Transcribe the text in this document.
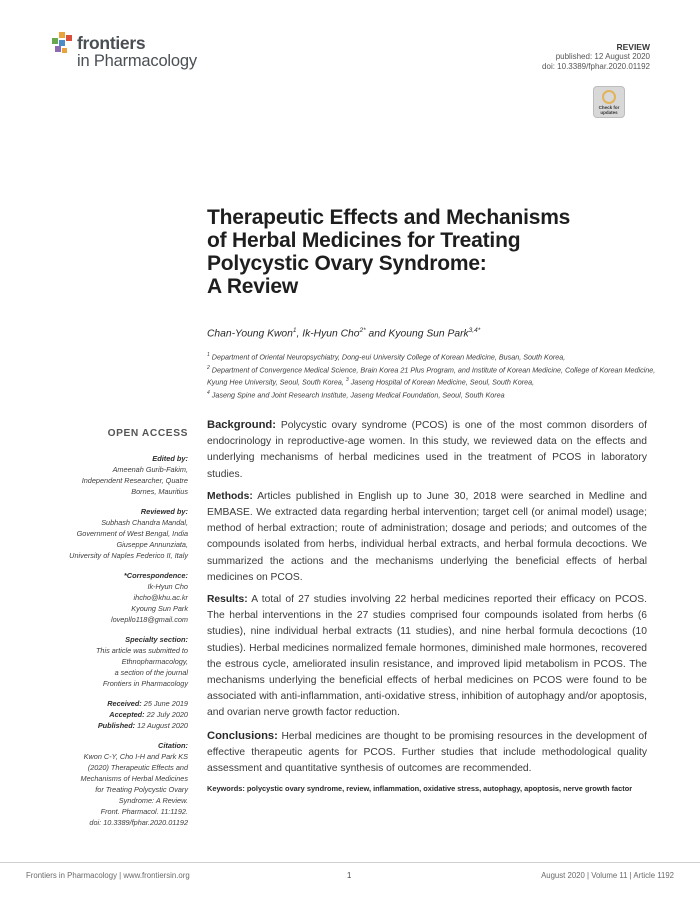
frontiers
in Pharmacology
REVIEW
published: 12 August 2020
doi: 10.3389/fphar.2020.01192
Check for updates
Therapeutic Effects and Mechanisms
of Herbal Medicines for Treating
Polycystic Ovary Syndrome:
A Review
Chan-Young Kwon$^1$, Ik-Hyun Cho$^{2*}$ and Kyoung Sun Park$^{3,4*}$

$^1$ Department of Oriental Neuropsychiatry, Dong-eui University College of Korean Medicine, Busan, South Korea,

$^2$ Department of Convergence Medical Science, Brain Korea 21 Plus Program, and Institute of Korean Medicine, College of Korean Medicine, Kyung Hee University, Seoul, South Korea, $^3$ Jaseng Hospital of Korean Medicine, Seoul, South Korea,

$^4$ Jaseng Spine and Joint Research Institute, Jaseng Medical Foundation, Seoul, South Korea

OPEN ACCESS
Edited by:
Ameenah Gurib-Fakim,
Independent Researcher, Quatre
Bornes, Mauritius
Reviewed by:
Subhash Chandra Mandal,
Government of West Bengal, India
Giuseppe Annunziata,
University of Naples Federico II, Italy
*Correspondence:
Ik-Hyun Cho
ihcho@khu.ac.kr
Kyoung Sun Park
lovepllo118@gmail.com
Specialty section:
This article was submitted to
Ethnopharmacology,
a section of the journal
Frontiers in Pharmacology
Received: 25 June 2019
Accepted: 22 July 2020
Published: 12 August 2020
Citation:
Kwon C-Y, Cho I-H and Park KS
(2020) Therapeutic Effects and
Mechanisms of Herbal Medicines
for Treating Polycystic Ovary
Syndrome: A Review.
Front. Pharmacol. 11:1192.
doi: 10.3389/fphar.2020.01192

Background: Polycystic ovary syndrome (PCOS) is one of the most common disorders of endocrinology in reproductive-age women. In this study, we reviewed data on the effects and underlying mechanisms of herbal medicines used in the treatment of PCOS in laboratory studies.

Methods: Articles published in English up to June 30, 2018 were searched in Medline and EMBASE. We extracted data regarding herbal intervention; target cell (or animal model) usage; method of herbal extraction; route of administration; dosage and periods; and outcomes of the compounds isolated from herbs, individual herbal extracts, and herbal formula decoctions. We summarized the actions and the mechanisms underlying the beneficial effects of herbal medicines on PCOS.

Results: A total of 27 studies involving 22 herbal medicines reported their efficacy on PCOS. The herbal interventions in the 27 studies comprised four compounds isolated from herbs (6 studies), nine individual herbal extracts (11 studies), and nine herbal formula decoctions (10 studies). Herbal medicines normalized female hormones, diminished male hormones, recovered the estrous cycle, ameliorated insulin resistance, and improved lipid metabolism in PCOS. The mechanisms underlying the beneficial effects of herbal medicines on PCOS were found to be associated with anti-inflammation, anti-oxidative stress, inhibition of autophagy and/or apoptosis, and ovarian nerve growth factor reduction.

Conclusions: Herbal medicines are thought to be promising resources in the development of effective therapeutic agents for PCOS. Further studies that include methodological quality assessment and quantitative synthesis of outcomes are recommended.

Keywords: polycystic ovary syndrome, review, inflammation, oxidative stress, autophagy, apoptosis, nerve growth factor

Frontiers in Pharmacology | www.frontiersin.org	1	August 2020 | Volume 11 | Article 1192
